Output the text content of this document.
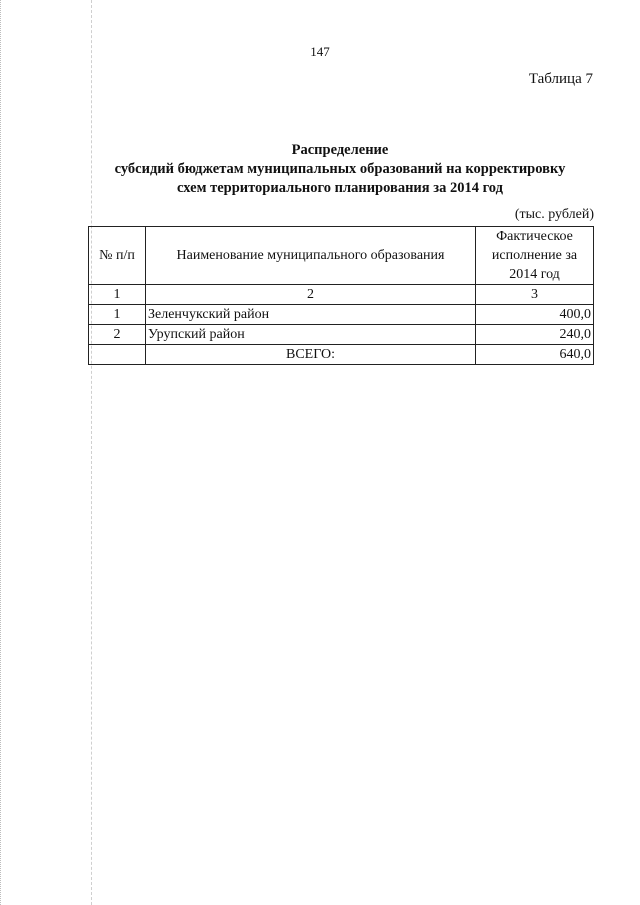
147
Таблица 7
Распределение
субсидий бюджетам муниципальных образований на корректировку
схем территориального планирования за 2014 год
(тыс. рублей)
№ п/п	Наименование муниципального образования	Фактическое исполнение за 2014 год
1	2	3
1	Зеленчукский район	400,0
2	Урупский район	240,0
	ВСЕГО:	640,0
